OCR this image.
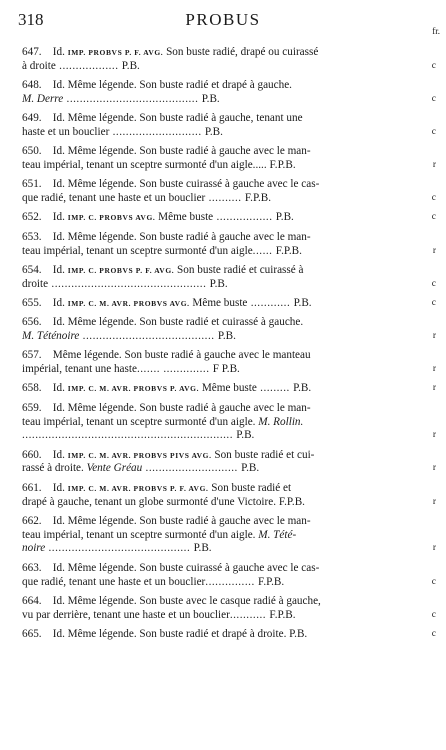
318	PROBUS
fr.
647. Id. IMP. PROBVS P. F. AVG. Son buste radié, drapé ou cuirassé
à droite .................. P.B.	c
648. Id. Même légende. Son buste radié et drapé à gauche.
M. Derre ........................................ P.B.	c
649. Id. Même légende. Son buste radié à gauche, tenant une
haste et un bouclier ........................... P.B.	c
650. Id. Même légende. Son buste radié à gauche avec le man-
teau impérial, tenant un sceptre surmonté d'un aigle..... F.P.B.	r
651. Id. Même légende. Son buste cuirassé à gauche avec le cas-
que radié, tenant une haste et un bouclier .......... F.P.B.	c
652. Id. IMP. C. PROBVS AVG. Même buste ................. P.B.	c
653. Id. Même légende. Son buste radié à gauche avec le man-
teau impérial, tenant un sceptre surmonté d'un aigle...... F.P.B.	r
654. Id. IMP. C. PROBVS P. F. AVG. Son buste radié et cuirassé à
droite ............................................... P.B.	c
655. Id. IMP. C. M. AVR. PROBVS AVG. Même buste ............ P.B.	c
656. Id. Même légende. Son buste radié et cuirassé à gauche.
M. Téténoire ........................................ P.B.	r
657. Même légende. Son buste radié à gauche avec le manteau
impérial, tenant une haste....... .............. F P.B.	r
658. Id. IMP. C. M. AVR. PROBVS P. AVG. Même buste ......... P.B.	r
659. Id. Même légende. Son buste radié à gauche avec le man-
teau impérial, tenant un sceptre surmonté d'un aigle. M. Rollin.
................................................................ P.B.	r
660. Id. IMP. C. M. AVR. PROBVS PIVS AVG. Son buste radié et cui-
rassé à droite. Vente Gréau ............................ P.B.	r
661. Id. IMP. C. M. AVR. PROBVS P. F. AVG. Son buste radié et
drapé à gauche, tenant un globe surmonté d'une Victoire. F.P.B.	r
662. Id. Même légende. Son buste radié à gauche avec le man-
teau impérial, tenant un sceptre surmonté d'un aigle. M. Tété-
noire ........................................... P.B.	r
663. Id. Même légende. Son buste cuirassé à gauche avec le cas-
que radié, tenant une haste et un bouclier............... F.P.B.	c
664. Id. Même légende. Son buste avec le casque radié à gauche,
vu par derrière, tenant une haste et un bouclier........... F.P.B.	c
665. Id. Même légende. Son buste radié et drapé à droite. P.B.	c
